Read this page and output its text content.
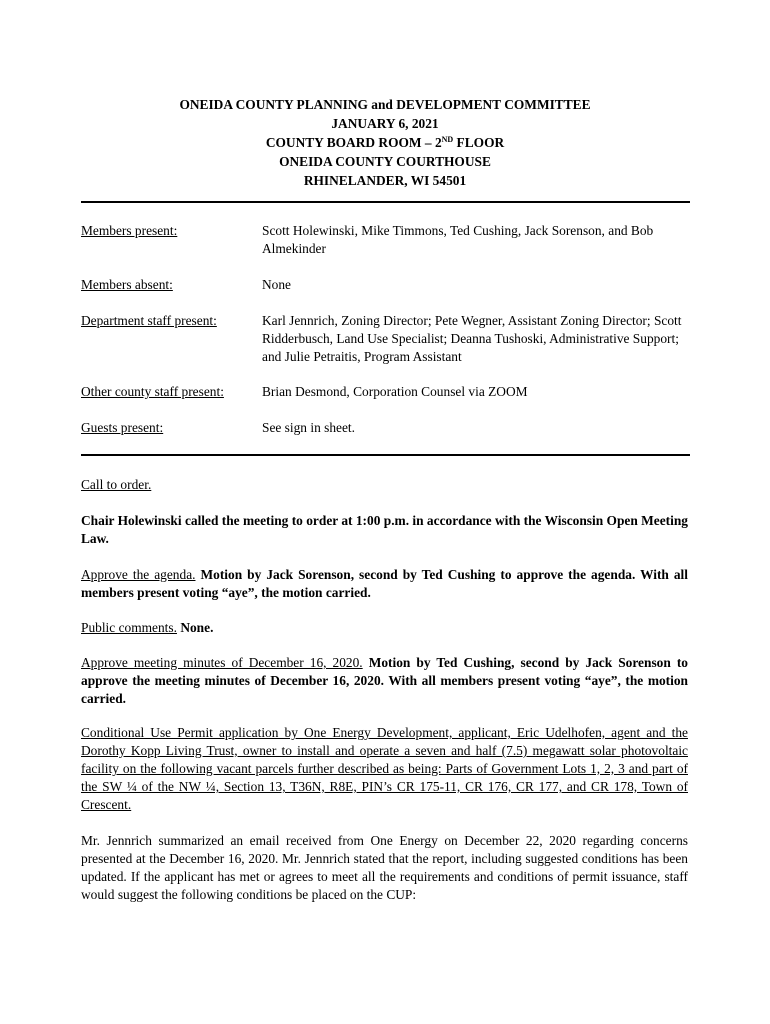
ONEIDA COUNTY PLANNING and DEVELOPMENT COMMITTEE
JANUARY 6, 2021
COUNTY BOARD ROOM – 2ND FLOOR
ONEIDA COUNTY COURTHOUSE
RHINELANDER, WI 54501
Members present:	Scott Holewinski, Mike Timmons, Ted Cushing, Jack Sorenson, and Bob Almekinder
Members absent:	None
Department staff present:	Karl Jennrich, Zoning Director; Pete Wegner, Assistant Zoning Director; Scott Ridderbusch, Land Use Specialist; Deanna Tushoski, Administrative Support; and Julie Petraitis, Program Assistant
Other county staff present:	Brian Desmond, Corporation Counsel via ZOOM
Guests present:	See sign in sheet.
Call to order.
Chair Holewinski called the meeting to order at 1:00 p.m. in accordance with the Wisconsin Open Meeting Law.
Approve the agenda. Motion by Jack Sorenson, second by Ted Cushing to approve the agenda. With all members present voting “aye”, the motion carried.
Public comments. None.
Approve meeting minutes of December 16, 2020. Motion by Ted Cushing, second by Jack Sorenson to approve the meeting minutes of December 16, 2020. With all members present voting “aye”, the motion carried.
Conditional Use Permit application by One Energy Development, applicant, Eric Udelhofen, agent and the Dorothy Kopp Living Trust, owner to install and operate a seven and half (7.5) megawatt solar photovoltaic facility on the following vacant parcels further described as being: Parts of Government Lots 1, 2, 3 and part of the SW ¼ of the NW ¼, Section 13, T36N, R8E, PIN’s CR 175-11, CR 176, CR 177, and CR 178, Town of Crescent.
Mr. Jennrich summarized an email received from One Energy on December 22, 2020 regarding concerns presented at the December 16, 2020. Mr. Jennrich stated that the report, including suggested conditions has been updated. If the applicant has met or agrees to meet all the requirements and conditions of permit issuance, staff would suggest the following conditions be placed on the CUP:
